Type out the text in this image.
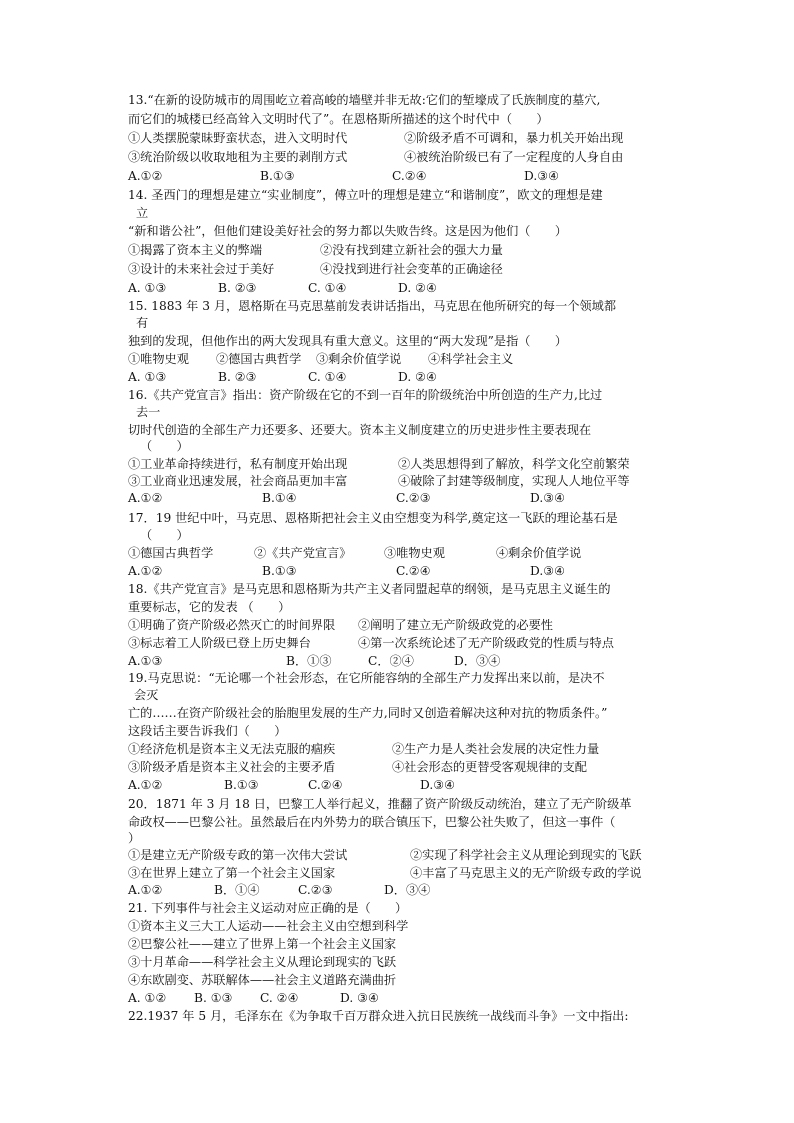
13.“在新的设防城市的周围屹立着高峻的墙壁并非无故:它们的堑壕成了氏族制度的墓穴,
而它们的城楼已经高耸入文明时代了”。在恩格斯所描述的这个时代中（　　）
①人类摆脱蒙昧野蛮状态，进入文明时代	②阶级矛盾不可调和，暴力机关开始出现
③统治阶级以收取地租为主要的剥削方式	④被统治阶级已有了一定程度的人身自由
A.①②	B.①③	C.②④	D.③④
14. 圣西门的理想是建立“实业制度”，傅立叶的理想是建立“和谐制度”，欧文的理想是建
立
“新和谐公社”，但他们建设美好社会的努力都以失败告终。这是因为他们（　　）
①揭露了资本主义的弊端	②没有找到建立新社会的强大力量
③设计的未来社会过于美好	④没找到进行社会变革的正确途径
A. ①③	B. ②③	C. ①④	D. ②④
15. 1883 年 3 月，恩格斯在马克思墓前发表讲话指出，马克思在他所研究的每一个领域都
有
独到的发现，但他作出的两大发现具有重大意义。这里的“两大发现”是指（　　）
①唯物史观 ②德国古典哲学 ③剩余价值学说 ④科学社会主义
A. ①③	B. ②③	C. ①④	D. ②④
16.《共产党宣言》指出：资产阶级在它的不到一百年的阶级统治中所创造的生产力,比过
去一
切时代创造的全部生产力还要多、还要大。资本主义制度建立的历史进步性主要表现在
（　　）
①工业革命持续进行，私有制度开始出现	②人类思想得到了解放，科学文化空前繁荣
③工业商业迅速发展，社会商品更加丰富	④破除了封建等级制度，实现人人地位平等
A.①②	B.①④	C.②③	D.③④
17．19 世纪中叶，马克思、恩格斯把社会主义由空想变为科学,奠定这一飞跃的理论基石是
（　　）
①德国古典哲学	②《共产党宣言》	③唯物史观	④剩余价值学说
A.①②	B.①③	C.②④	D.③④
18.《共产党宣言》是马克思和恩格斯为共产主义者同盟起草的纲领，是马克思主义诞生的
重要标志，它的发表 （　　）
①明确了资产阶级必然灭亡的时间界限 ②阐明了建立无产阶级政党的必要性
③标志着工人阶级已登上历史舞台	④第一次系统论述了无产阶级政党的性质与特点
A.①③	B．①③	C．②④	D．③④
19.马克思说：“无论哪一个社会形态，在它所能容纳的全部生产力发挥出来以前，是决不
会灭
亡的……在资产阶级社会的胎胞里发展的生产力,同时又创造着解决这种对抗的物质条件。”
这段话主要告诉我们（　　）
①经济危机是资本主义无法克服的痼疾	②生产力是人类社会发展的决定性力量
③阶级矛盾是资本主义社会的主要矛盾	④社会形态的更替受客观规律的支配
A.①②	B.①③	C.②④	D.③④
20．1871 年 3 月 18 日，巴黎工人举行起义，推翻了资产阶级反动统治，建立了无产阶级革
命政权——巴黎公社。虽然最后在内外势力的联合镇压下，巴黎公社失败了，但这一事件（
）
①是建立无产阶级专政的第一次伟大尝试	②实现了科学社会主义从理论到现实的飞跃
③在世界上建立了第一个社会主义国家	④丰富了马克思主义的无产阶级专政的学说
A.①②	B．①④	C.②③	D．③④
21. 下列事件与社会主义运动对应正确的是（　　）
①资本主义三大工人运动——社会主义由空想到科学
②巴黎公社——建立了世界上第一个社会主义国家
③十月革命——科学社会主义从理论到现实的飞跃
④东欧剧变、苏联解体——社会主义道路充满曲折
A. ①② B. ①③ C. ②④	D. ③④
22.1937 年 5 月，毛泽东在《为争取千百万群众进入抗日民族统一战线而斗争》一文中指出:
